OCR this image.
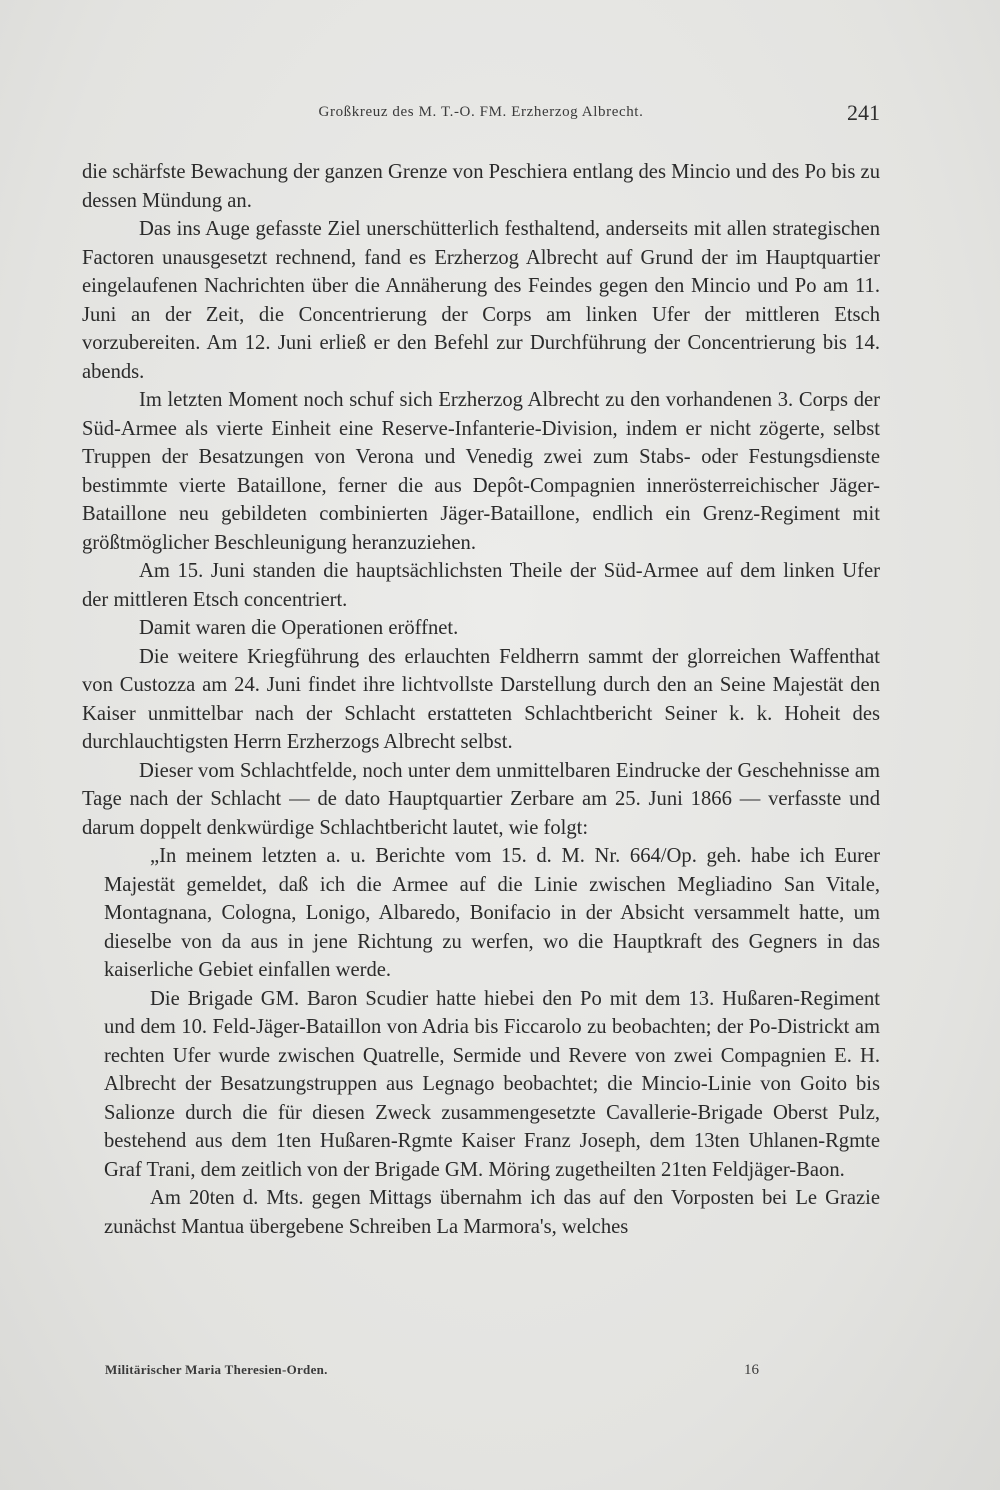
Großkreuz des M. T.-O. FM. Erzherzog Albrecht.	241

die schärfste Bewachung der ganzen Grenze von Peschiera entlang des Mincio und des Po bis zu dessen Mündung an.

Das ins Auge gefasste Ziel unerschütterlich festhaltend, anderseits mit allen strategischen Factoren unausgesetzt rechnend, fand es Erzherzog Albrecht auf Grund der im Hauptquartier eingelaufenen Nachrichten über die Annäherung des Feindes gegen den Mincio und Po am 11. Juni an der Zeit, die Concentrierung der Corps am linken Ufer der mittleren Etsch vorzubereiten. Am 12. Juni erließ er den Befehl zur Durchführung der Concentrierung bis 14. abends.

Im letzten Moment noch schuf sich Erzherzog Albrecht zu den vorhandenen 3. Corps der Süd-Armee als vierte Einheit eine Reserve-Infanterie-Division, indem er nicht zögerte, selbst Truppen der Besatzungen von Verona und Venedig zwei zum Stabs- oder Festungsdienste bestimmte vierte Bataillone, ferner die aus Depôt-Compagnien innerösterreichischer Jäger-Bataillone neu gebildeten combinierten Jäger-Bataillone, endlich ein Grenz-Regiment mit größtmöglicher Beschleunigung heranzuziehen.

Am 15. Juni standen die hauptsächlichsten Theile der Süd-Armee auf dem linken Ufer der mittleren Etsch concentriert.

Damit waren die Operationen eröffnet.

Die weitere Kriegführung des erlauchten Feldherrn sammt der glorreichen Waffenthat von Custozza am 24. Juni findet ihre lichtvollste Darstellung durch den an Seine Majestät den Kaiser unmittelbar nach der Schlacht erstatteten Schlachtbericht Seiner k. k. Hoheit des durchlauchtigsten Herrn Erzherzogs Albrecht selbst.

Dieser vom Schlachtfelde, noch unter dem unmittelbaren Eindrucke der Geschehnisse am Tage nach der Schlacht — de dato Hauptquartier Zerbare am 25. Juni 1866 — verfasste und darum doppelt denkwürdige Schlachtbericht lautet, wie folgt:

„In meinem letzten a. u. Berichte vom 15. d. M. Nr. 664/Op. geh. habe ich Eurer Majestät gemeldet, daß ich die Armee auf die Linie zwischen Megliadino San Vitale, Montagnana, Cologna, Lonigo, Albaredo, Bonifacio in der Absicht versammelt hatte, um dieselbe von da aus in jene Richtung zu werfen, wo die Hauptkraft des Gegners in das kaiserliche Gebiet einfallen werde.

Die Brigade GM. Baron Scudier hatte hiebei den Po mit dem 13. Hußaren-Regiment und dem 10. Feld-Jäger-Bataillon von Adria bis Ficcarolo zu beobachten; der Po-Districkt am rechten Ufer wurde zwischen Quatrelle, Sermide und Revere von zwei Compagnien E. H. Albrecht der Besatzungstruppen aus Legnago beobachtet; die Mincio-Linie von Goito bis Salionze durch die für diesen Zweck zusammengesetzte Cavallerie-Brigade Oberst Pulz, bestehend aus dem 1ten Hußaren-Rgmte Kaiser Franz Joseph, dem 13ten Uhlanen-Rgmte Graf Trani, dem zeitlich von der Brigade GM. Möring zugetheilten 21ten Feldjäger-Baon.

Am 20ten d. Mts. gegen Mittags übernahm ich das auf den Vorposten bei Le Grazie zunächst Mantua übergebene Schreiben La Marmora's, welches

Militärischer Maria Theresien-Orden.	16
